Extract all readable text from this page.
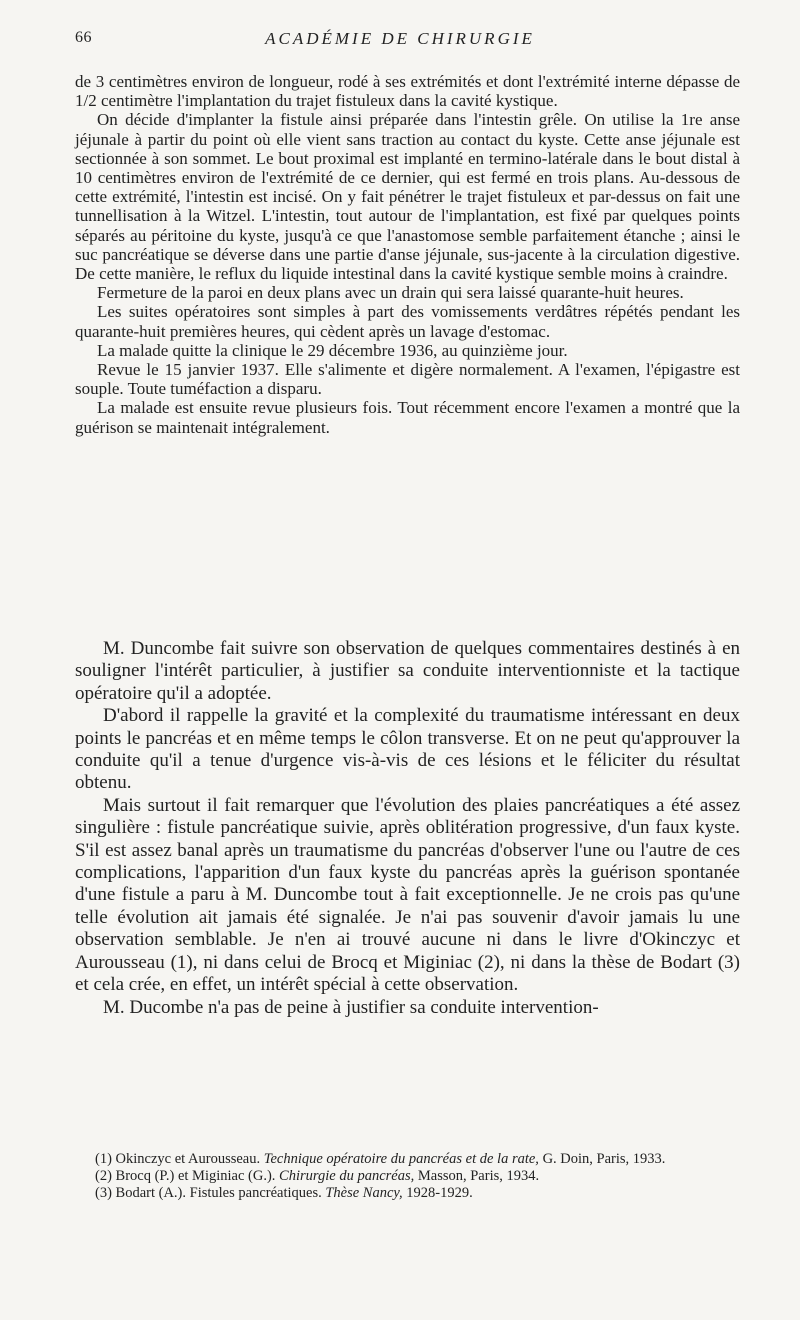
66	ACADÉMIE DE CHIRURGIE

de 3 centimètres environ de longueur, rodé à ses extrémités et dont l'extrémité interne dépasse de 1/2 centimètre l'implantation du trajet fistuleux dans la cavité kystique.

On décide d'implanter la fistule ainsi préparée dans l'intestin grêle. On utilise la 1re anse jéjunale à partir du point où elle vient sans traction au contact du kyste. Cette anse jéjunale est sectionnée à son sommet. Le bout proximal est implanté en termino-latérale dans le bout distal à 10 centimètres environ de l'extrémité de ce dernier, qui est fermé en trois plans. Au-dessous de cette extrémité, l'intestin est incisé. On y fait pénétrer le trajet fistuleux et par-dessus on fait une tunnellisation à la Witzel. L'intestin, tout autour de l'implantation, est fixé par quelques points séparés au péritoine du kyste, jusqu'à ce que l'anastomose semble parfaitement étanche ; ainsi le suc pancréatique se déverse dans une partie d'anse jéjunale, sus-jacente à la circulation digestive. De cette manière, le reflux du liquide intestinal dans la cavité kystique semble moins à craindre.

Fermeture de la paroi en deux plans avec un drain qui sera laissé quarante-huit heures.

Les suites opératoires sont simples à part des vomissements verdâtres répétés pendant les quarante-huit premières heures, qui cèdent après un lavage d'estomac.

La malade quitte la clinique le 29 décembre 1936, au quinzième jour.

Revue le 15 janvier 1937. Elle s'alimente et digère normalement. A l'examen, l'épigastre est souple. Toute tuméfaction a disparu.

La malade est ensuite revue plusieurs fois. Tout récemment encore l'examen a montré que la guérison se maintenait intégralement.

M. Duncombe fait suivre son observation de quelques commentaires destinés à en souligner l'intérêt particulier, à justifier sa conduite interventionniste et la tactique opératoire qu'il a adoptée.

D'abord il rappelle la gravité et la complexité du traumatisme intéressant en deux points le pancréas et en même temps le côlon transverse. Et on ne peut qu'approuver la conduite qu'il a tenue d'urgence vis-à-vis de ces lésions et le féliciter du résultat obtenu.

Mais surtout il fait remarquer que l'évolution des plaies pancréatiques a été assez singulière : fistule pancréatique suivie, après oblitération progressive, d'un faux kyste. S'il est assez banal après un traumatisme du pancréas d'observer l'une ou l'autre de ces complications, l'apparition d'un faux kyste du pancréas après la guérison spontanée d'une fistule a paru à M. Duncombe tout à fait exceptionnelle. Je ne crois pas qu'une telle évolution ait jamais été signalée. Je n'ai pas souvenir d'avoir jamais lu une observation semblable. Je n'en ai trouvé aucune ni dans le livre d'Okinczyc et Aurousseau (1), ni dans celui de Brocq et Miginiac (2), ni dans la thèse de Bodart (3) et cela crée, en effet, un intérêt spécial à cette observation.

M. Ducombe n'a pas de peine à justifier sa conduite intervention-

(1) Okinczyc et Aurousseau. Technique opératoire du pancréas et de la rate, G. Doin, Paris, 1933.

(2) Brocq (P.) et Miginiac (G.). Chirurgie du pancréas, Masson, Paris, 1934.

(3) Bodart (A.). Fistules pancréatiques. Thèse Nancy, 1928-1929.
